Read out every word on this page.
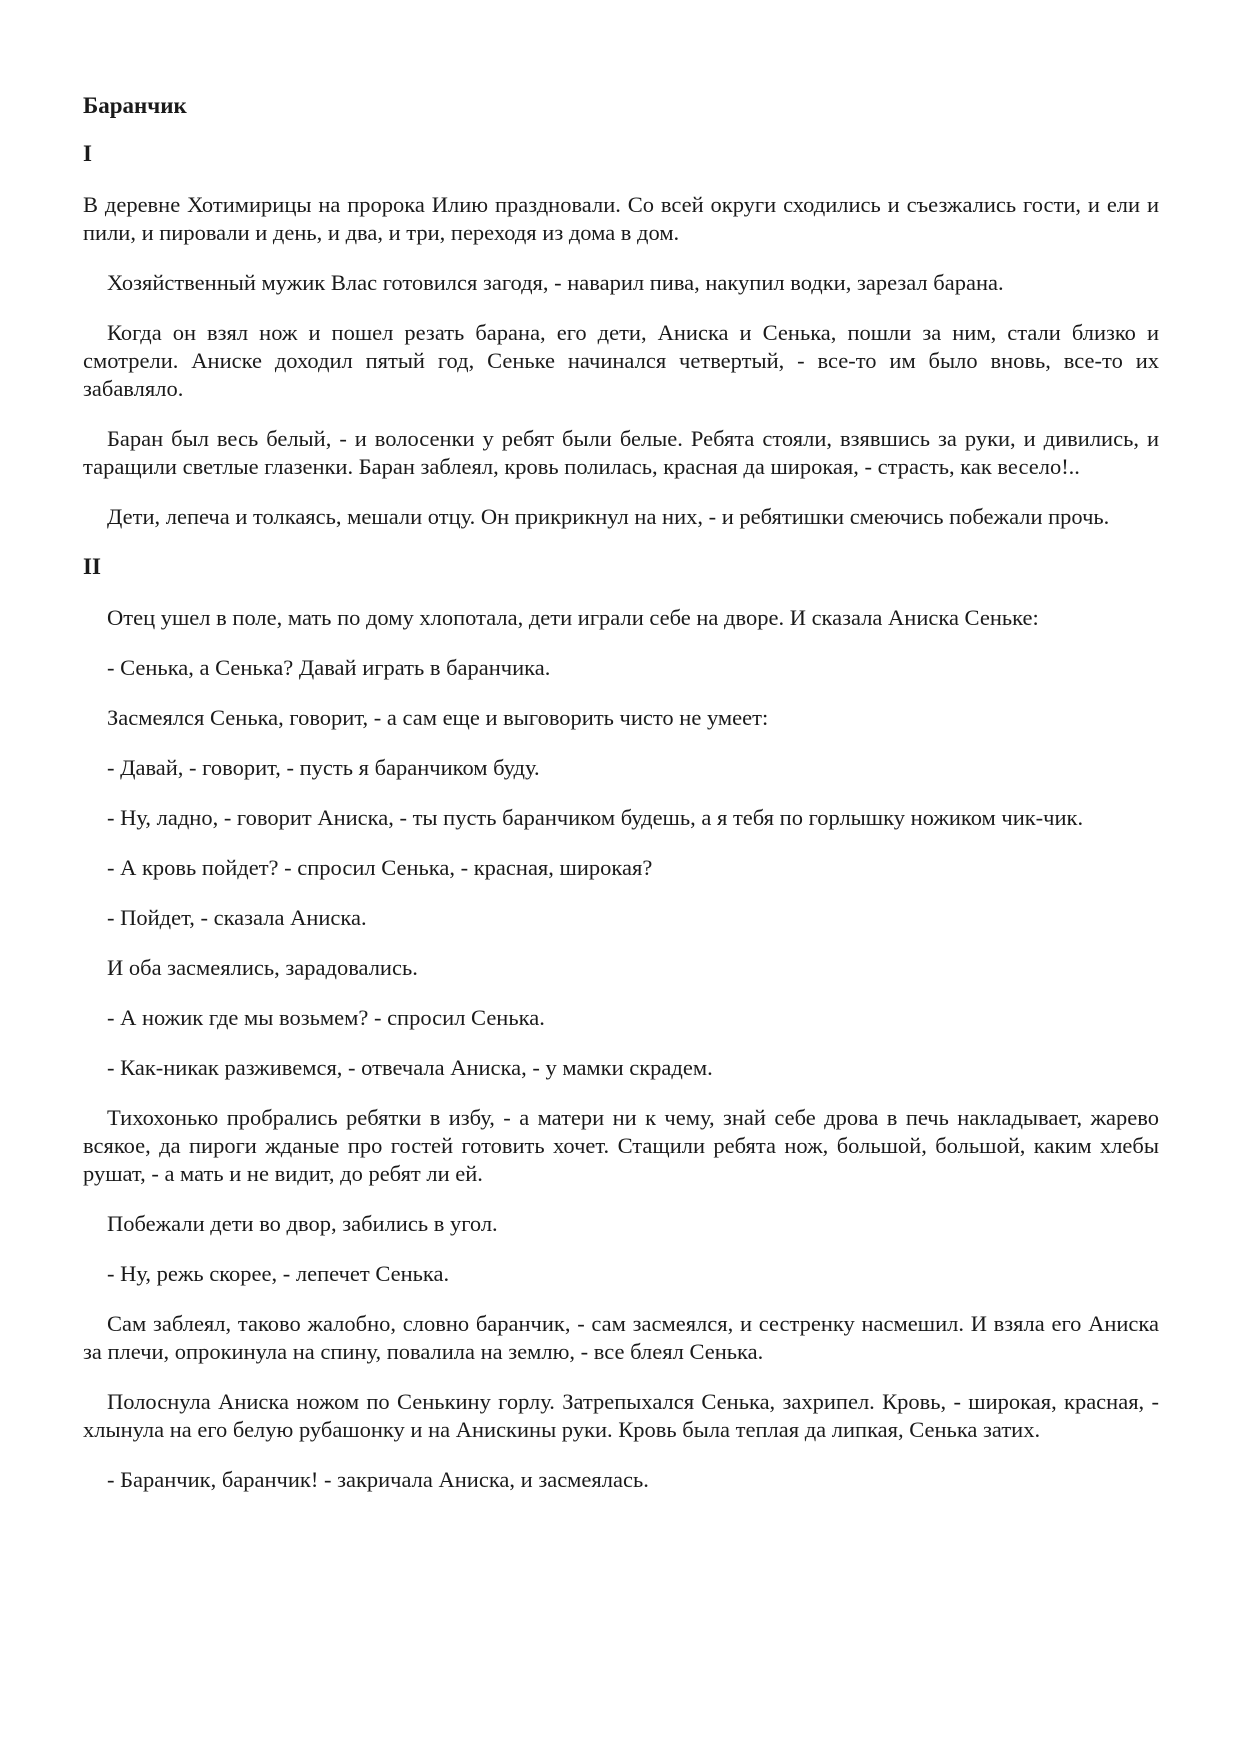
Баранчик
I

В деревне Хотимирицы на пророка Илию праздновали. Со всей округи сходились и съезжались гости, и ели и пили, и пировали и день, и два, и три, переходя из дома в дом.

Хозяйственный мужик Влас готовился загодя, - наварил пива, накупил водки, зарезал барана.

Когда он взял нож и пошел резать барана, его дети, Аниска и Сенька, пошли за ним, стали близко и смотрели. Аниске доходил пятый год, Сеньке начинался четвертый, - все-то им было вновь, все-то их забавляло.

Баран был весь белый, - и волосенки у ребят были белые. Ребята стояли, взявшись за руки, и дивились, и таращили светлые глазенки. Баран заблеял, кровь полилась, красная да широкая, - страсть, как весело!..

Дети, лепеча и толкаясь, мешали отцу. Он прикрикнул на них, - и ребятишки смеючись побежали прочь.

II

Отец ушел в поле, мать по дому хлопотала, дети играли себе на дворе. И сказала Аниска Сеньке:

- Сенька, а Сенька? Давай играть в баранчика.

Засмеялся Сенька, говорит, - а сам еще и выговорить чисто не умеет:

- Давай, - говорит, - пусть я баранчиком буду.

- Ну, ладно, - говорит Аниска, - ты пусть баранчиком будешь, а я тебя по горлышку ножиком чик-чик.

- А кровь пойдет? - спросил Сенька, - красная, широкая?

- Пойдет, - сказала Аниска.

И оба засмеялись, зарадовались.

- А ножик где мы возьмем? - спросил Сенька.

- Как-никак разживемся, - отвечала Аниска, - у мамки скрадем.

Тихохонько пробрались ребятки в избу, - а матери ни к чему, знай себе дрова в печь накладывает, жарево всякое, да пироги жданые про гостей готовить хочет. Стащили ребята нож, большой, большой, каким хлебы рушат, - а мать и не видит, до ребят ли ей.

Побежали дети во двор, забились в угол.

- Ну, режь скорее, - лепечет Сенька.

Сам заблеял, таково жалобно, словно баранчик, - сам засмеялся, и сестренку насмешил. И взяла его Аниска за плечи, опрокинула на спину, повалила на землю, - все блеял Сенька.

Полоснула Аниска ножом по Сенькину горлу. Затрепыхался Сенька, захрипел. Кровь, - широкая, красная, - хлынула на его белую рубашонку и на Анискины руки. Кровь была теплая да липкая, Сенька затих.

- Баранчик, баранчик! - закричала Аниска, и засмеялась.
